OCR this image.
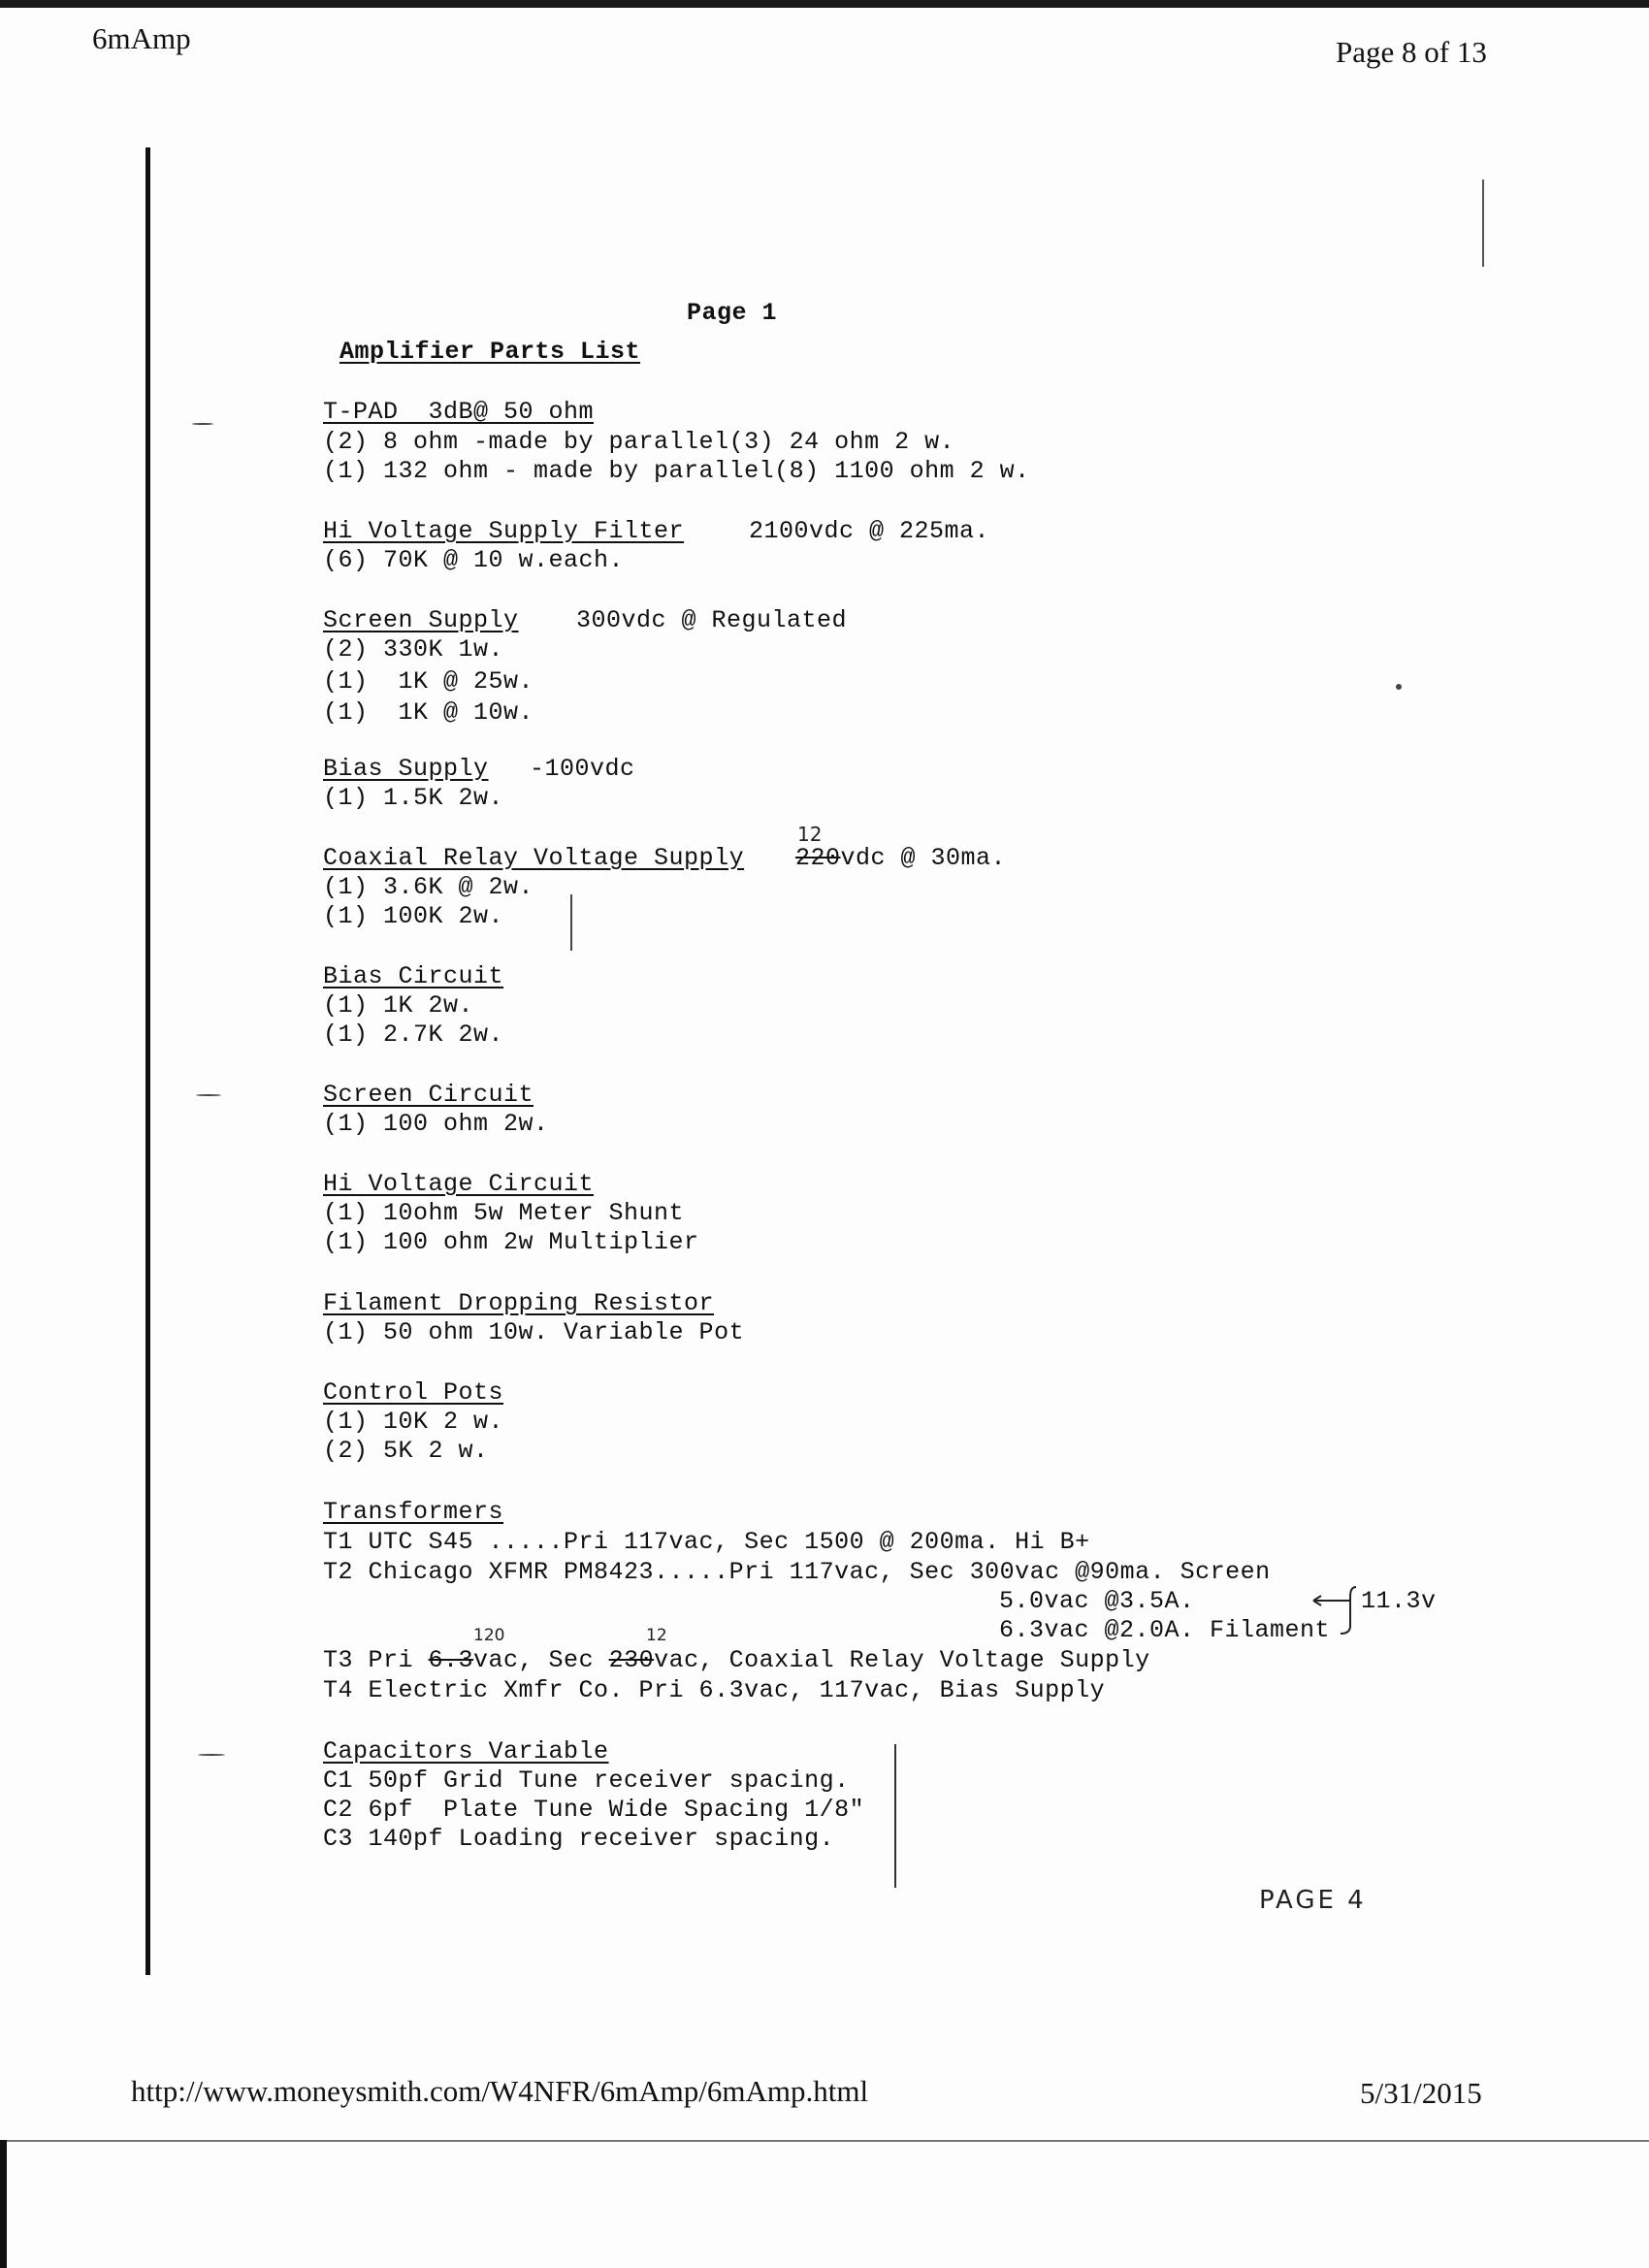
6mAmp	Page 8 of 13
Page 1
Amplifier Parts List
T-PAD  3dB@ 50 ohm
(2) 8 ohm -made by parallel(3) 24 ohm 2 w.
(1) 132 ohm - made by parallel(8) 1100 ohm 2 w.
Hi Voltage Supply Filter	2100vdc @ 225ma.
(6) 70K @ 10 w.each.
Screen Supply 300vdc @ Regulated
(2) 330K 1w.
(1)  1K @ 25w.
(1)  1K @ 10w.
Bias Supply -100vdc
(1) 1.5K 2w.
12
Coaxial Relay Voltage Supply 220vdc @ 30ma.
(1) 3.6K @ 2w.
(1) 100K 2w.
Bias Circuit
(1) 1K 2w.
(1) 2.7K 2w.
Screen Circuit
(1) 100 ohm 2w.
Hi Voltage Circuit
(1) 10ohm 5w Meter Shunt
(1) 100 ohm 2w Multiplier
Filament Dropping Resistor
(1) 50 ohm 10w. Variable Pot
Control Pots
(1) 10K 2 w.
(2) 5K 2 w.
Transformers
T1 UTC S45 .....Pri 117vac, Sec 1500 @ 200ma. Hi B+
T2 Chicago XFMR PM8423.....Pri 117vac, Sec 300vac @90ma. Screen
5.0vac @3.5A.
6.3vac @2.0A. Filament
11.3v
120	12
T3 Pri 6.3vac, Sec 230vac, Coaxial Relay Voltage Supply
T4 Electric Xmfr Co. Pri 6.3vac, 117vac, Bias Supply
Capacitors Variable
C1 50pf Grid Tune receiver spacing.
C2 6pf  Plate Tune Wide Spacing 1/8"
C3 140pf Loading receiver spacing.
PAGE 4
http://www.moneysmith.com/W4NFR/6mAmp/6mAmp.html	5/31/2015
